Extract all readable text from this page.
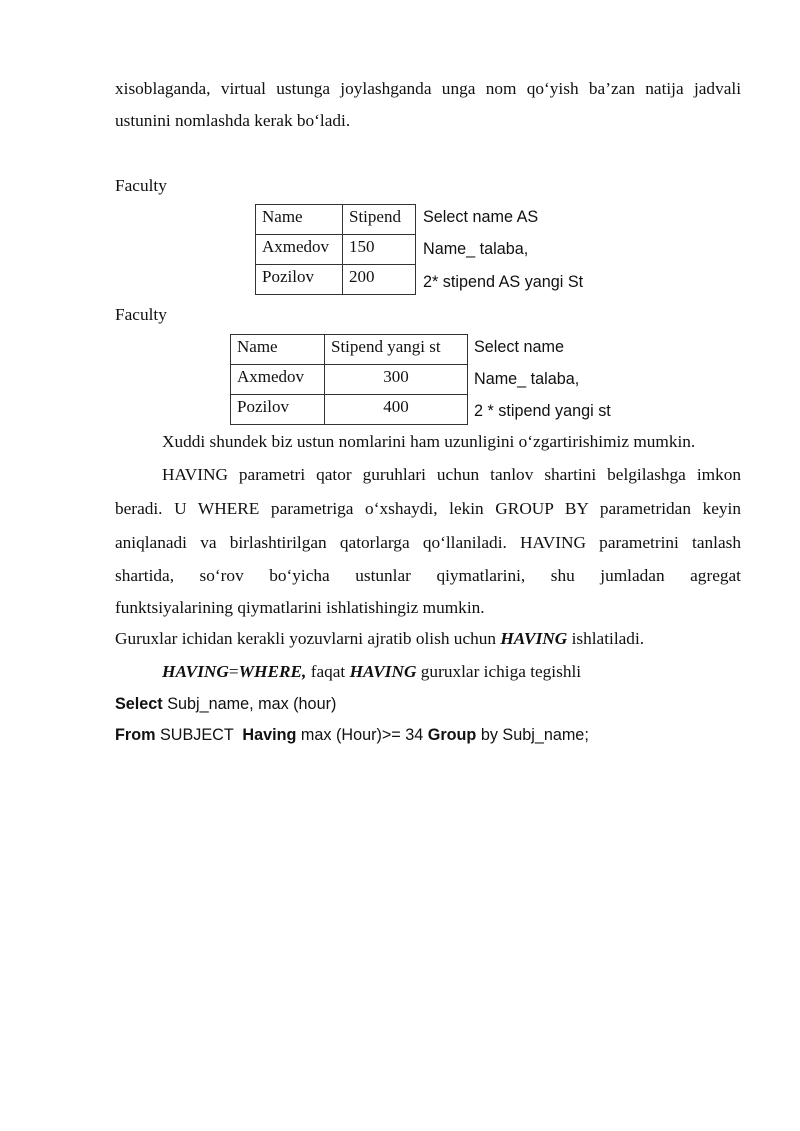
xisoblaganda, virtual ustunga joylashganda unga nom qo‘yish ba’zan natija jadvali
ustunini nomlashda kerak bo‘ladi.
Faculty
Name	Stipend
Axmedov	150
Pozilov	200
Select name AS
Name_ talaba,
2* stipend AS yangi St
Faculty
Name	Stipend yangi st
Axmedov	300
Pozilov	400
Select name
Name_ talaba,
2 * stipend yangi st
Xuddi shundek biz ustun nomlarini ham uzunligini o‘zgartirishimiz mumkin.
HAVING parametri qator guruhlari uchun tanlov shartini belgilashga imkon
beradi. U WHERE parametriga o‘xshaydi, lekin GROUP BY parametridan keyin
aniqlanadi va birlashtirilgan qatorlarga qo‘llaniladi. HAVING parametrini tanlash
shartida, so‘rov bo‘yicha ustunlar qiymatlarini, shu jumladan agregat
funktsiyalarining qiymatlarini ishlatishingiz mumkin.
Guruxlar ichidan kerakli yozuvlarni ajratib olish uchun HAVING ishlatiladi.
HAVING=WHERE, faqat HAVING guruxlar ichiga tegishli
Select Subj_name, max (hour)
From SUBJECT  Having max (Hour)>= 34 Group by Subj_name;
